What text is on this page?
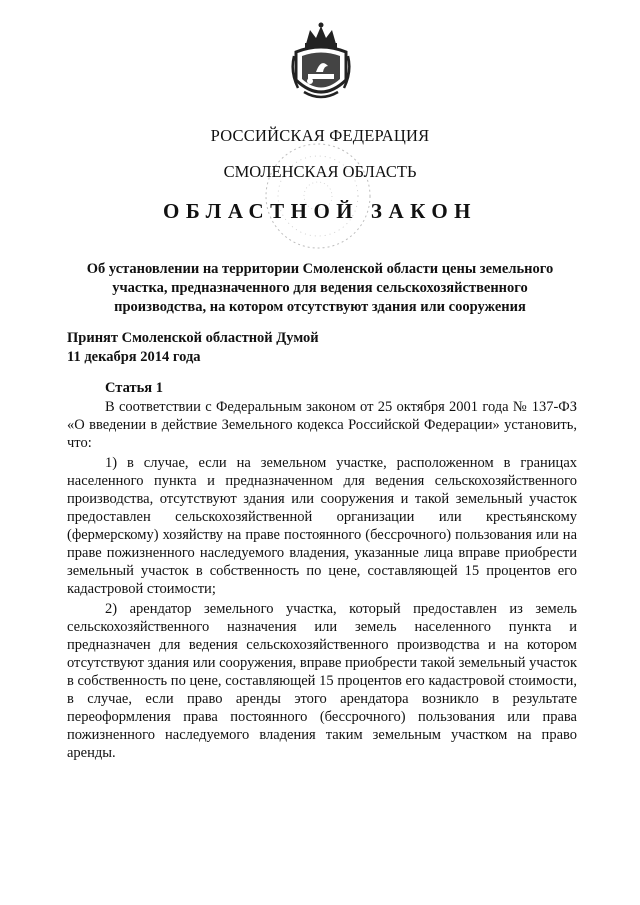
РОССИЙСКАЯ ФЕДЕРАЦИЯ
СМОЛЕНСКАЯ ОБЛАСТЬ
ОБЛАСТНОЙ ЗАКОН
Об установлении на территории Смоленской области цены земельного участка, предназначенного для ведения сельскохозяйственного производства, на котором отсутствуют здания или сооружения
Принят Смоленской областной Думой
11 декабря 2014 года
Статья 1

В соответствии с Федеральным законом от 25 октября 2001 года № 137-ФЗ «О введении в действие Земельного кодекса Российской Федерации» установить, что:

1) в случае, если на земельном участке, расположенном в границах населенного пункта и предназначенном для ведения сельскохозяйственного производства, отсутствуют здания или сооружения и такой земельный участок предоставлен сельскохозяйственной организации или крестьянскому (фермерскому) хозяйству на праве постоянного (бессрочного) пользования или на праве пожизненного наследуемого владения, указанные лица вправе приобрести земельный участок в собственность по цене, составляющей 15 процентов его кадастровой стоимости;

2) арендатор земельного участка, который предоставлен из земель сельскохозяйственного назначения или земель населенного пункта и предназначен для ведения сельскохозяйственного производства и на котором отсутствуют здания или сооружения, вправе приобрести такой земельный участок в собственность по цене, составляющей 15 процентов его кадастровой стоимости, в случае, если право аренды этого арендатора возникло в результате переоформления права постоянного (бессрочного) пользования или права пожизненного наследуемого владения таким земельным участком на право аренды.
